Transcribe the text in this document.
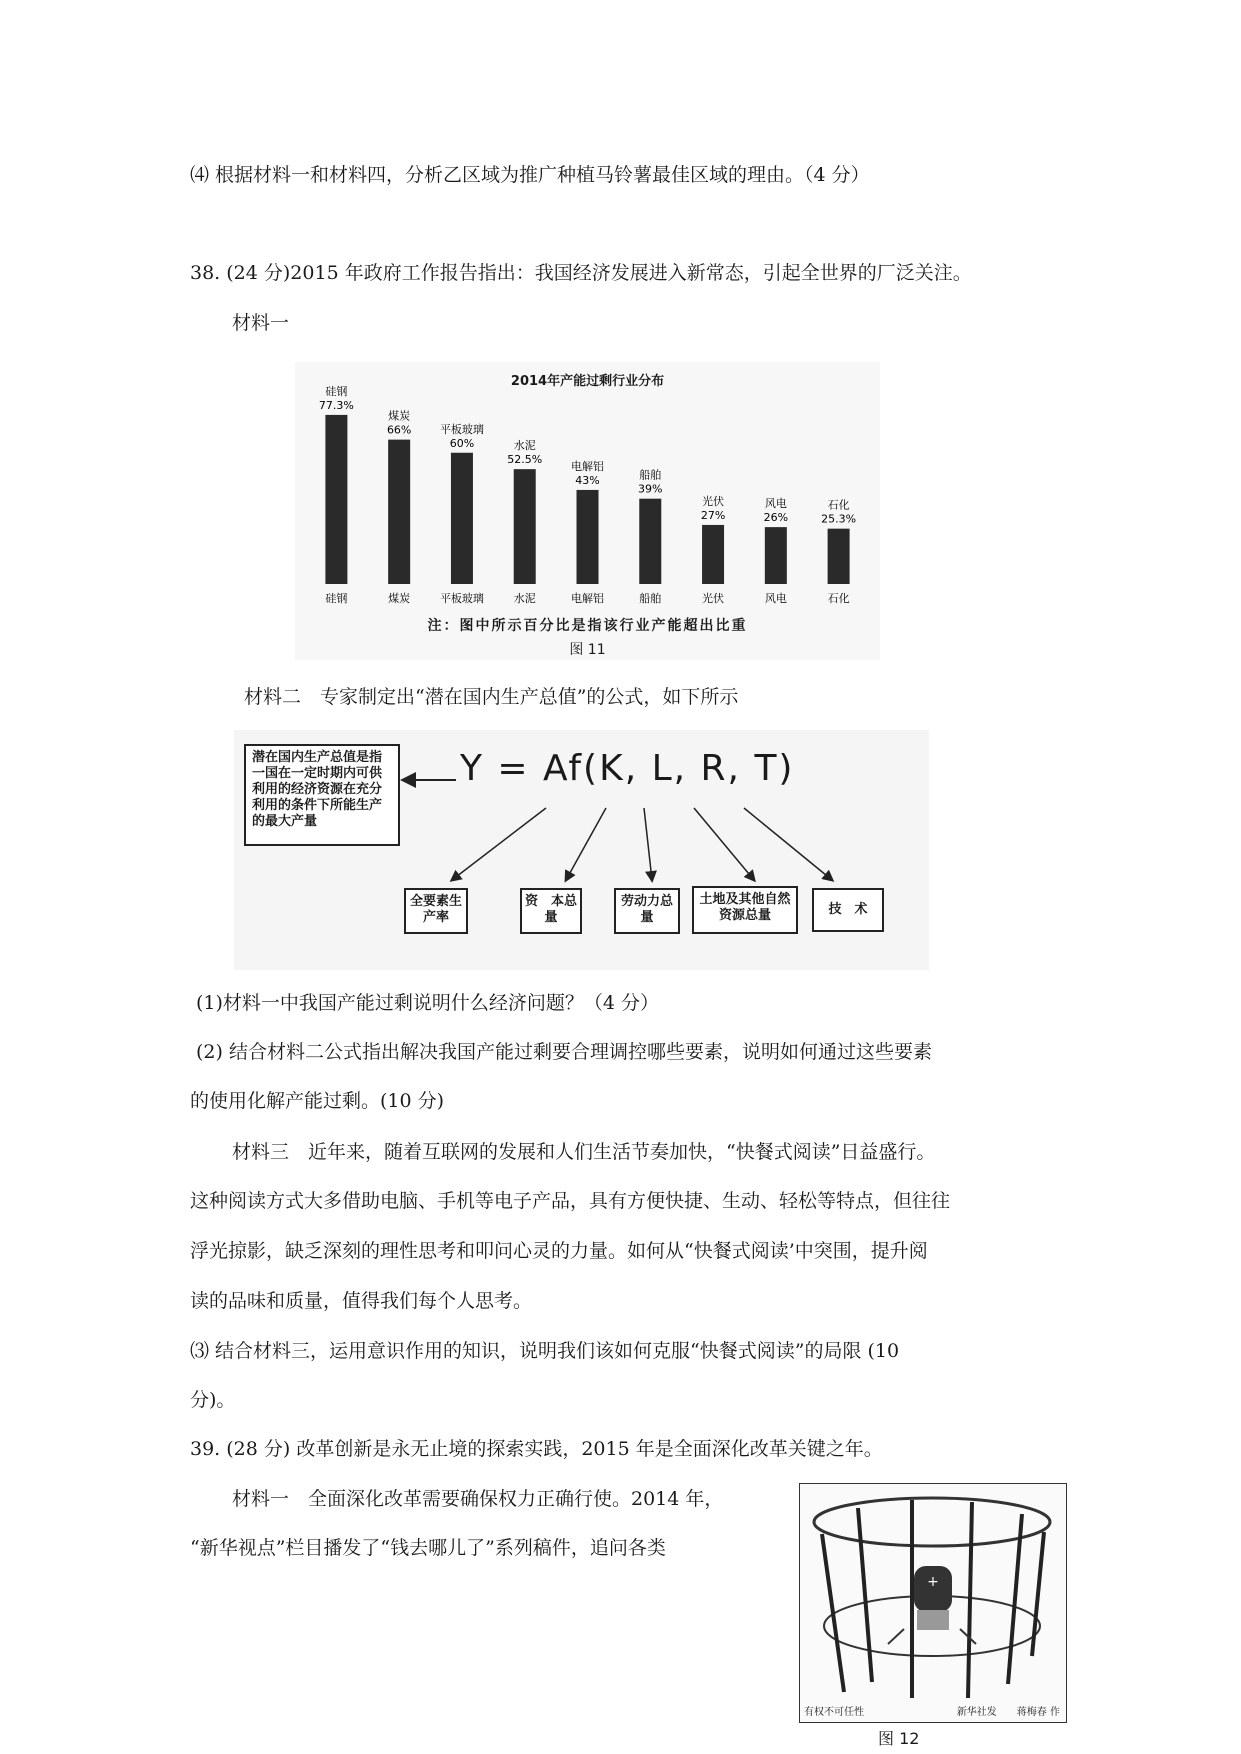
⑷ 根据材料一和材料四，分析乙区域为推广种植马铃薯最佳区域的理由。（4 分）
38. (24 分)2015 年政府工作报告指出：我国经济发展进入新常态，引起全世界的厂泛关注。
材料一
2014年产能过剩行业分布
硅钢
77.3%
硅钢
煤炭
66%
煤炭
平板玻璃
60%
平板玻璃
水泥
52.5%
水泥
电解铝
43%
电解铝
船舶
39%
船舶
光伏
27%
光伏
风电
26%
风电
石化
25.3%
石化
注：图中所示百分比是指该行业产能超出比重
图 11
材料二　专家制定出“潜在国内生产总值”的公式，如下所示
潜在国内生产总值是指一国在一定时期内可供利用的经济资源在充分利用的条件下所能生产的最大产量
Y = Af(K, L, R, T)
全要素生产率
资　本总　量
劳动力总　量
土地及其他自然资源总量	技　术
(1)材料一中我国产能过剩说明什么经济问题？（4 分）
(2) 结合材料二公式指出解决我国产能过剩要合理调控哪些要素，说明如何通过这些要素
的使用化解产能过剩。(10 分)
材料三　近年来，随着互联网的发展和人们生活节奏加快，“快餐式阅读”日益盛行。
这种阅读方式大多借助电脑、手机等电子产品，具有方便快捷、生动、轻松等特点，但往往
浮光掠影，缺乏深刻的理性思考和叩问心灵的力量。如何从“快餐式阅读’中突围，提升阅
读的品味和质量，值得我们每个人思考。
⑶ 结合材料三，运用意识作用的知识，说明我们该如何克服“快餐式阅读”的局限 (10
分)。
39. (28 分) 改革创新是永无止境的探索实践，2015 年是全面深化改革关键之年。
材料一　全面深化改革需要确保权力正确行使。2014 年，
“新华视点”栏目播发了“钱去哪儿了”系列稿件，追问各类
+
有权不可任性	新华社发　　蒋梅春 作
图 12
